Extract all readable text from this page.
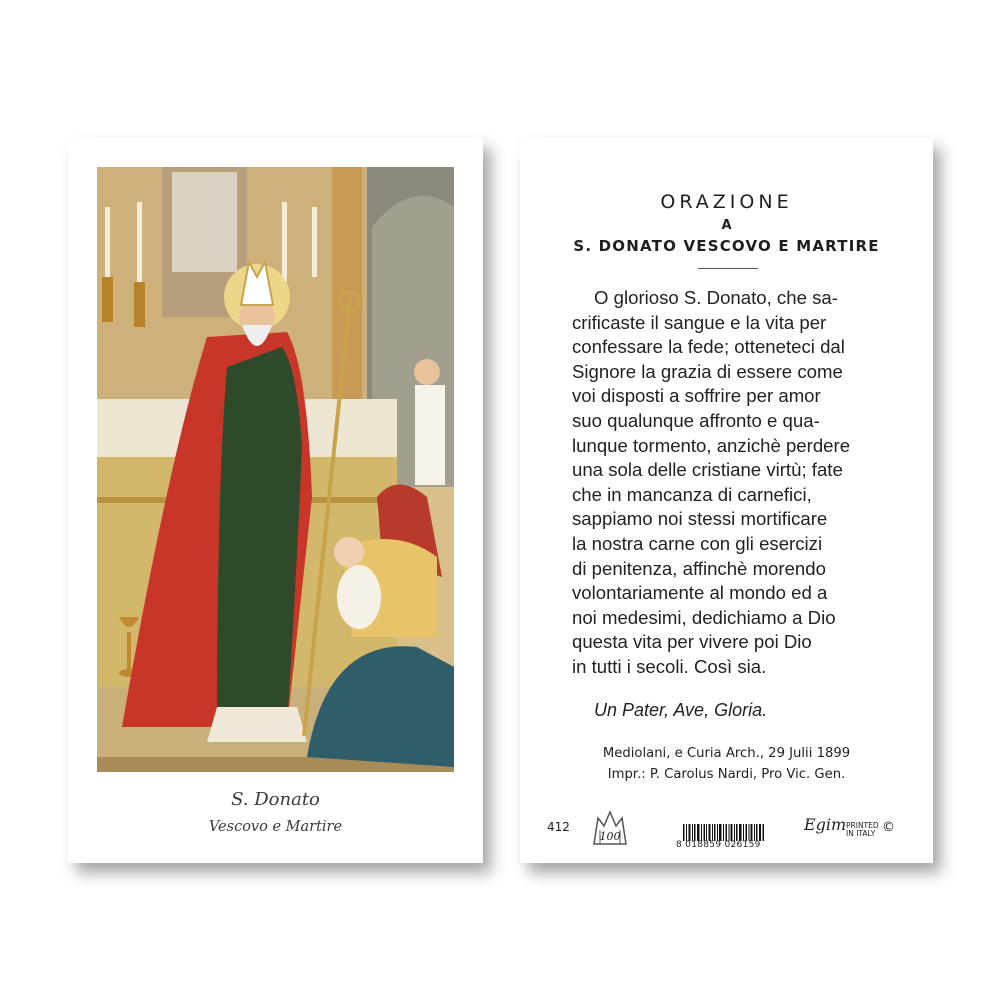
S. Donato
Vescovo e Martire
ORAZIONE
A
S. DONATO VESCOVO E MARTIRE
O glorioso S. Donato, che sa-
crificaste il sangue e la vita per
confessare la fede; otteneteci dal
Signore la grazia di essere come
voi disposti a soffrire per amor
suo qualunque affronto e qua-
lunque tormento, anzichè perdere
una sola delle cristiane virtù; fate
che in mancanza di carnefici,
sappiamo noi stessi mortificare
la nostra carne con gli esercizi
di penitenza, affinchè morendo
volontariamente al mondo ed a
noi medesimi, dedichiamo a Dio
questa vita per vivere poi Dio
in tutti i secoli. Così sia.
Un Pater, Ave, Gloria.
Mediolani, e Curia Arch., 29 Julii 1899
Impr.: P. Carolus Nardi, Pro Vic. Gen.
412
100
8 018859 026159
Egim PRINTED IN ITALY ©
